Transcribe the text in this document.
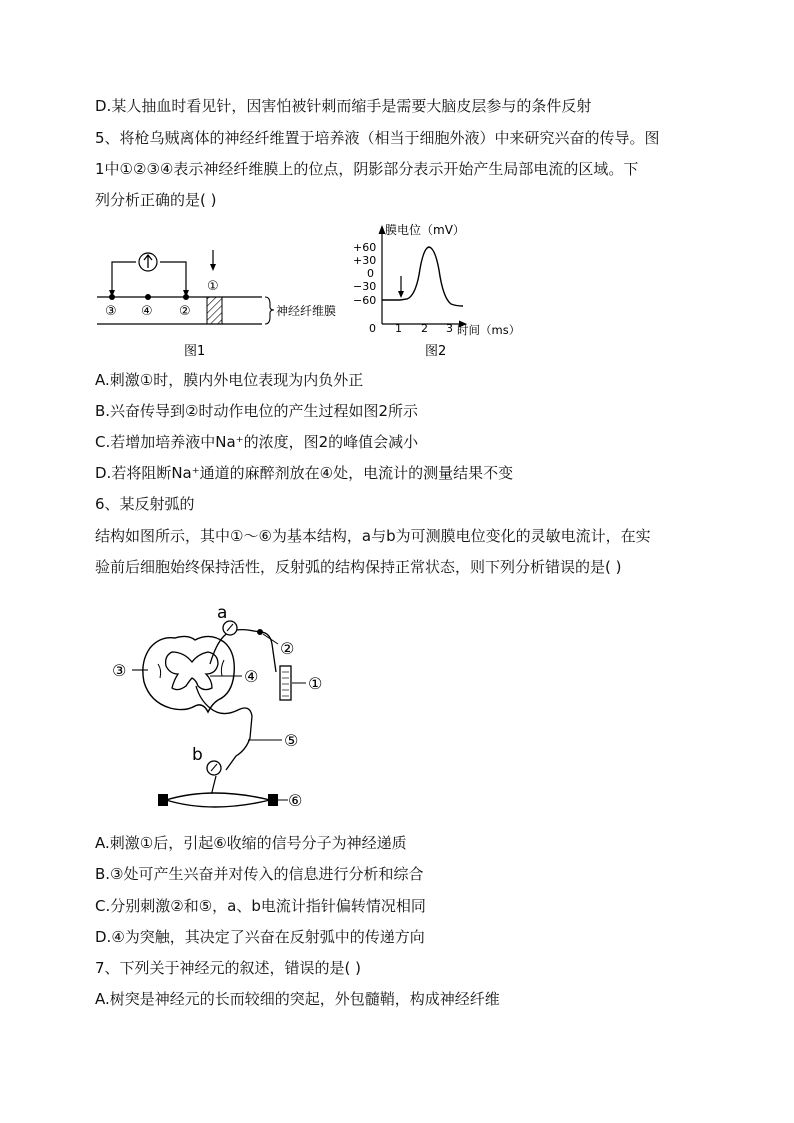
D.某人抽血时看见针，因害怕被针刺而缩手是需要大脑皮层参与的条件反射
5、将枪乌贼离体的神经纤维置于培养液（相当于细胞外液）中来研究兴奋的传导。图
1中①②③④表示神经纤维膜上的位点，阴影部分表示开始产生局部电流的区域。下
列分析正确的是( )
③ ④ ②
①
神经纤维膜
图1
膜电位（mV）
时间（ms）
+60
+30
0
−30
−60
0 1 2 3
图2
A.刺激①时，膜内外电位表现为内负外正
B.兴奋传导到②时动作电位的产生过程如图2所示
C.若增加培养液中Na⁺的浓度，图2的峰值会减小
D.若将阻断Na⁺通道的麻醉剂放在④处，电流计的测量结果不变
6、某反射弧的
结构如图所示，其中①～⑥为基本结构，a与b为可测膜电位变化的灵敏电流计，在实
验前后细胞始终保持活性，反射弧的结构保持正常状态，则下列分析错误的是( )
③	④
②
a
①
⑤
b
⑥
A.刺激①后，引起⑥收缩的信号分子为神经递质
B.③处可产生兴奋并对传入的信息进行分析和综合
C.分别刺激②和⑤，a、b电流计指针偏转情况相同
D.④为突触，其决定了兴奋在反射弧中的传递方向
7、下列关于神经元的叙述，错误的是( )
A.树突是神经元的长而较细的突起，外包髓鞘，构成神经纤维
